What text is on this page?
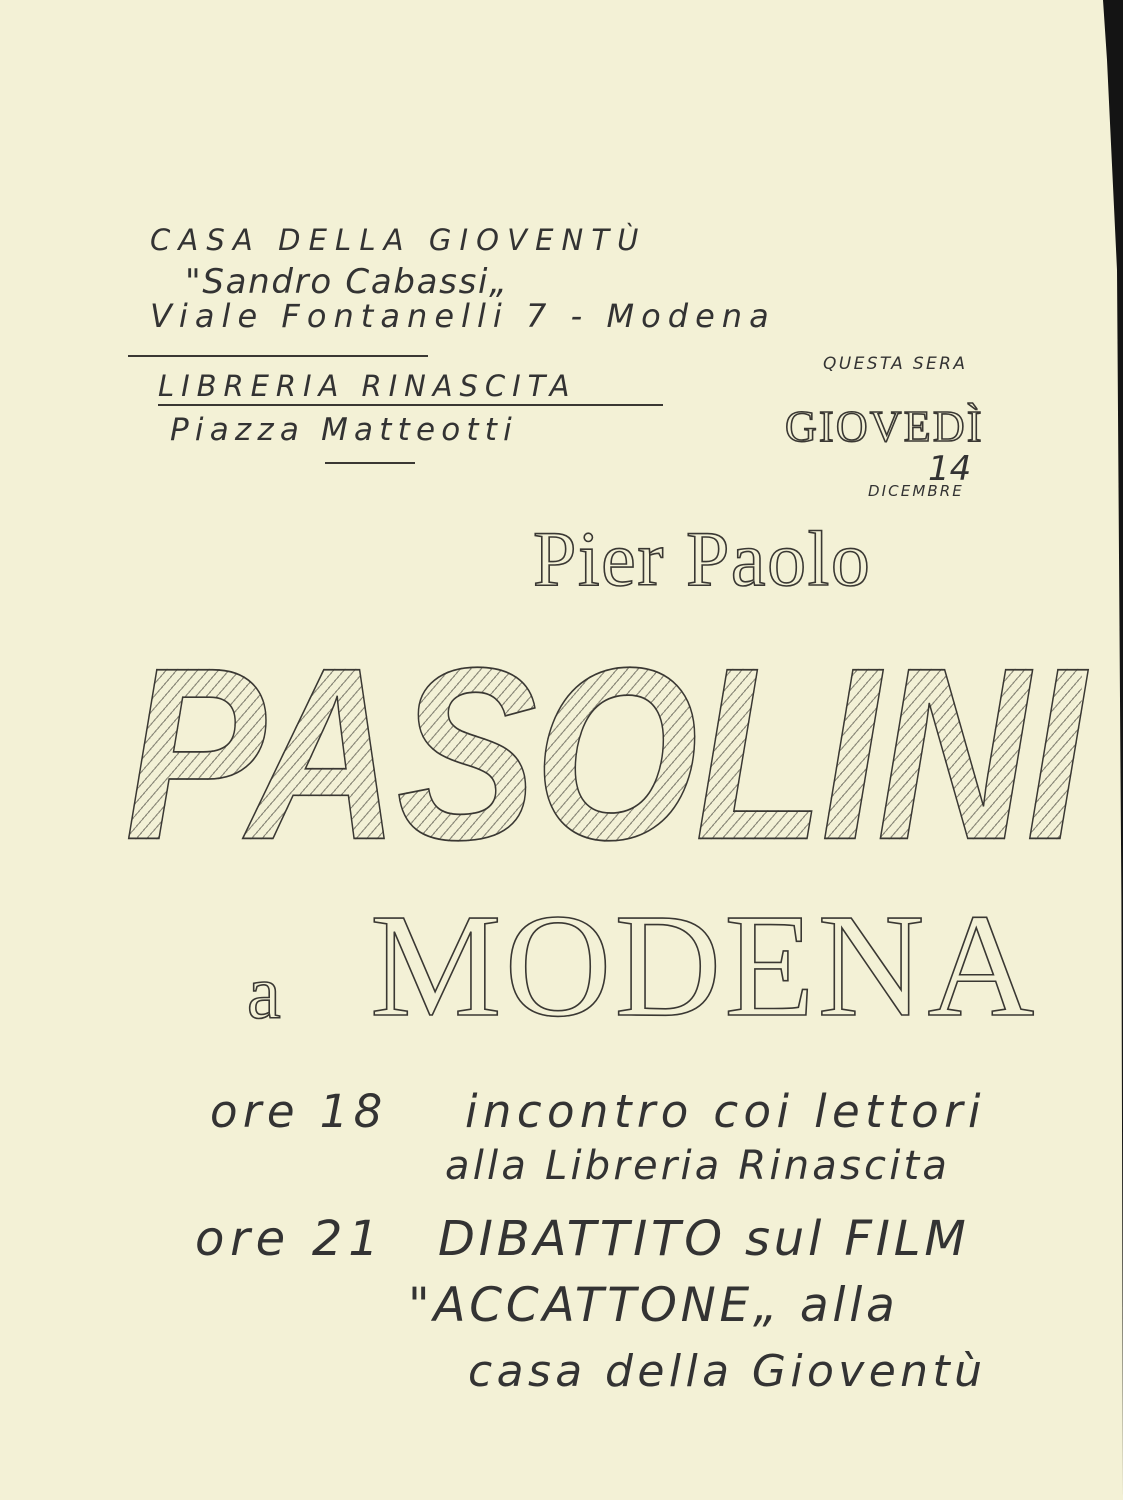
CASA DELLA GIOVENTÙ

"Sandro Cabassi„

Viale Fontanelli 7 - Modena

LIBRERIA RINASCITA

Piazza Matteotti

QUESTA SERA

GIOVEDÌ

14

DICEMBRE

Pier Paolo

PASOLINI

a MODENA

ore 18 incontro coi lettori

alla Libreria Rinascita

ore 21 DIBATTITO sul FILM

"ACCATTONE„ alla

casa della Gioventù
